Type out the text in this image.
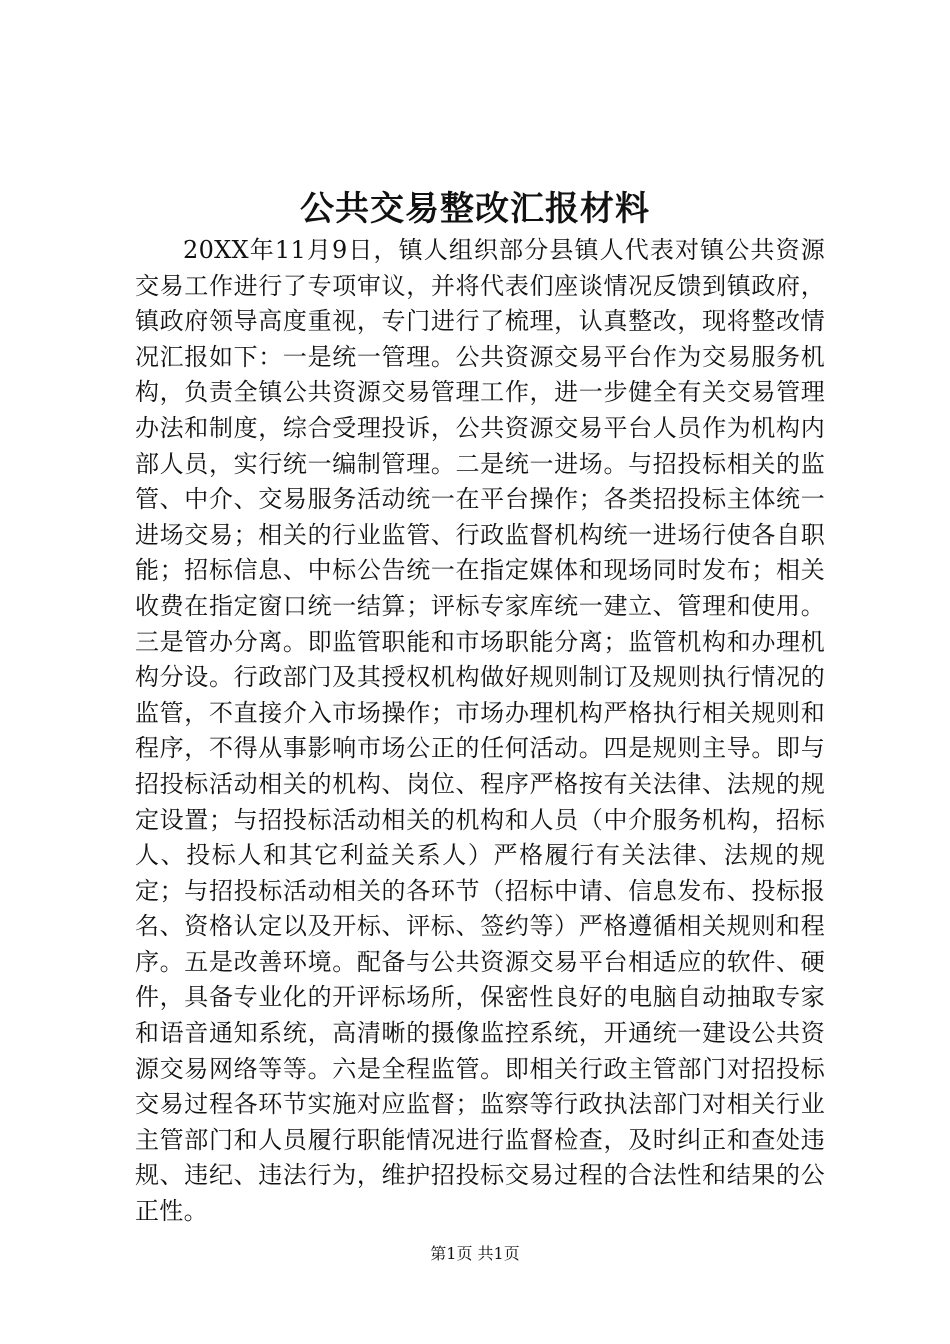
公共交易整改汇报材料

20XX年11月9日，镇人组织部分县镇人代表对镇公共资源交易工作进行了专项审议，并将代表们座谈情况反馈到镇政府，镇政府领导高度重视，专门进行了梳理，认真整改，现将整改情况汇报如下：一是统一管理。公共资源交易平台作为交易服务机构，负责全镇公共资源交易管理工作，进一步健全有关交易管理办法和制度，综合受理投诉，公共资源交易平台人员作为机构内部人员，实行统一编制管理。二是统一进场。与招投标相关的监管、中介、交易服务活动统一在平台操作；各类招投标主体统一进场交易；相关的行业监管、行政监督机构统一进场行使各自职能；招标信息、中标公告统一在指定媒体和现场同时发布；相关收费在指定窗口统一结算；评标专家库统一建立、管理和使用。三是管办分离。即监管职能和市场职能分离；监管机构和办理机构分设。行政部门及其授权机构做好规则制订及规则执行情况的监管，不直接介入市场操作；市场办理机构严格执行相关规则和程序，不得从事影响市场公正的任何活动。四是规则主导。即与招投标活动相关的机构、岗位、程序严格按有关法律、法规的规定设置；与招投标活动相关的机构和人员（中介服务机构，招标人、投标人和其它利益关系人）严格履行有关法律、法规的规定；与招投标活动相关的各环节（招标中请、信息发布、投标报名、资格认定以及开标、评标、签约等）严格遵循相关规则和程序。五是改善环境。配备与公共资源交易平台相适应的软件、硬件，具备专业化的开评标场所，保密性良好的电脑自动抽取专家和语音通知系统，高清晰的摄像监控系统，开通统一建设公共资源交易网络等等。六是全程监管。即相关行政主管部门对招投标交易过程各环节实施对应监督；监察等行政执法部门对相关行业主管部门和人员履行职能情况进行监督检查，及时纠正和查处违规、违纪、违法行为，维护招投标交易过程的合法性和结果的公正性。

第1页 共1页
